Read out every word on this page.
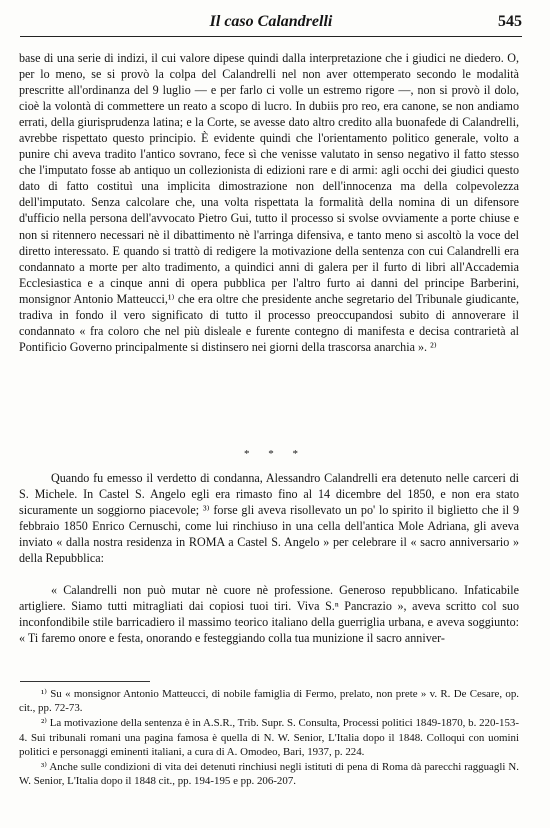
Il caso Calandrelli	545

base di una serie di indizi, il cui valore dipese quindi dalla interpretazione che i giudici ne diedero. O, per lo meno, se si provò la colpa del Calandrelli nel non aver ottemperato secondo le modalità prescritte all'ordinanza del 9 luglio — e per farlo ci volle un estremo rigore —, non si provò il dolo, cioè la volontà di commettere un reato a scopo di lucro. In dubiis pro reo, era canone, se non andiamo errati, della giurisprudenza latina; e la Corte, se avesse dato altro credito alla buonafede di Calandrelli, avrebbe rispettato questo principio. È evidente quindi che l'orientamento politico generale, volto a punire chi aveva tradito l'antico sovrano, fece sì che venisse valutato in senso negativo il fatto stesso che l'imputato fosse ab antiquo un collezionista di edizioni rare e di armi: agli occhi dei giudici questo dato di fatto costituì una implicita dimostrazione non dell'innocenza ma della colpevolezza dell'imputato. Senza calcolare che, una volta rispettata la formalità della nomina di un difensore d'ufficio nella persona dell'avvocato Pietro Gui, tutto il processo si svolse ovviamente a porte chiuse e non si ritennero necessari nè il dibattimento nè l'arringa difensiva, e tanto meno si ascoltò la voce del diretto interessato. E quando si trattò di redigere la motivazione della sentenza con cui Calandrelli era condannato a morte per alto tradimento, a quindici anni di galera per il furto di libri all'Accademia Ecclesiastica e a cinque anni di opera pubblica per l'altro furto ai danni del principe Barberini, monsignor Antonio Matteucci,¹⁾ che era oltre che presidente anche segretario del Tribunale giudicante, tradiva in fondo il vero significato di tutto il processo preoccupandosi subito di annoverare il condannato « fra coloro che nel più disleale e furente contegno di manifesta e decisa contrarietà al Pontificio Governo principalmente si distinsero nei giorni della trascorsa anarchia ». ²⁾

* * *

Quando fu emesso il verdetto di condanna, Alessandro Calandrelli era detenuto nelle carceri di S. Michele. In Castel S. Angelo egli era rimasto fino al 14 dicembre del 1850, e non era stato sicuramente un soggiorno piacevole; ³⁾ forse gli aveva risollevato un po' lo spirito il biglietto che il 9 febbraio 1850 Enrico Cernuschi, come lui rinchiuso in una cella dell'antica Mole Adriana, gli aveva inviato « dalla nostra residenza in ROMA a Castel S. Angelo » per celebrare il « sacro anniversario » della Repubblica:

« Calandrelli non può mutar nè cuore nè professione. Generoso repubblicano. Infaticabile artigliere. Siamo tutti mitragliati dai copiosi tuoi tiri. Viva S.ⁿ Pancrazio », aveva scritto col suo inconfondibile stile barricadiero il massimo teorico italiano della guerriglia urbana, e aveva soggiunto: « Ti faremo onore e festa, onorando e festeggiando colla tua munizione il sacro anniver-

¹⁾ Su « monsignor Antonio Matteucci, di nobile famiglia di Fermo, prelato, non prete » v. R. De Cesare, op. cit., pp. 72-73.

²⁾ La motivazione della sentenza è in A.S.R., Trib. Supr. S. Consulta, Processi politici 1849-1870, b. 220-153-4. Sui tribunali romani una pagina famosa è quella di N. W. Senior, L'Italia dopo il 1848. Colloqui con uomini politici e personaggi eminenti italiani, a cura di A. Omodeo, Bari, 1937, p. 224.

³⁾ Anche sulle condizioni di vita dei detenuti rinchiusi negli istituti di pena di Roma dà parecchi ragguagli N. W. Senior, L'Italia dopo il 1848 cit., pp. 194-195 e pp. 206-207.
